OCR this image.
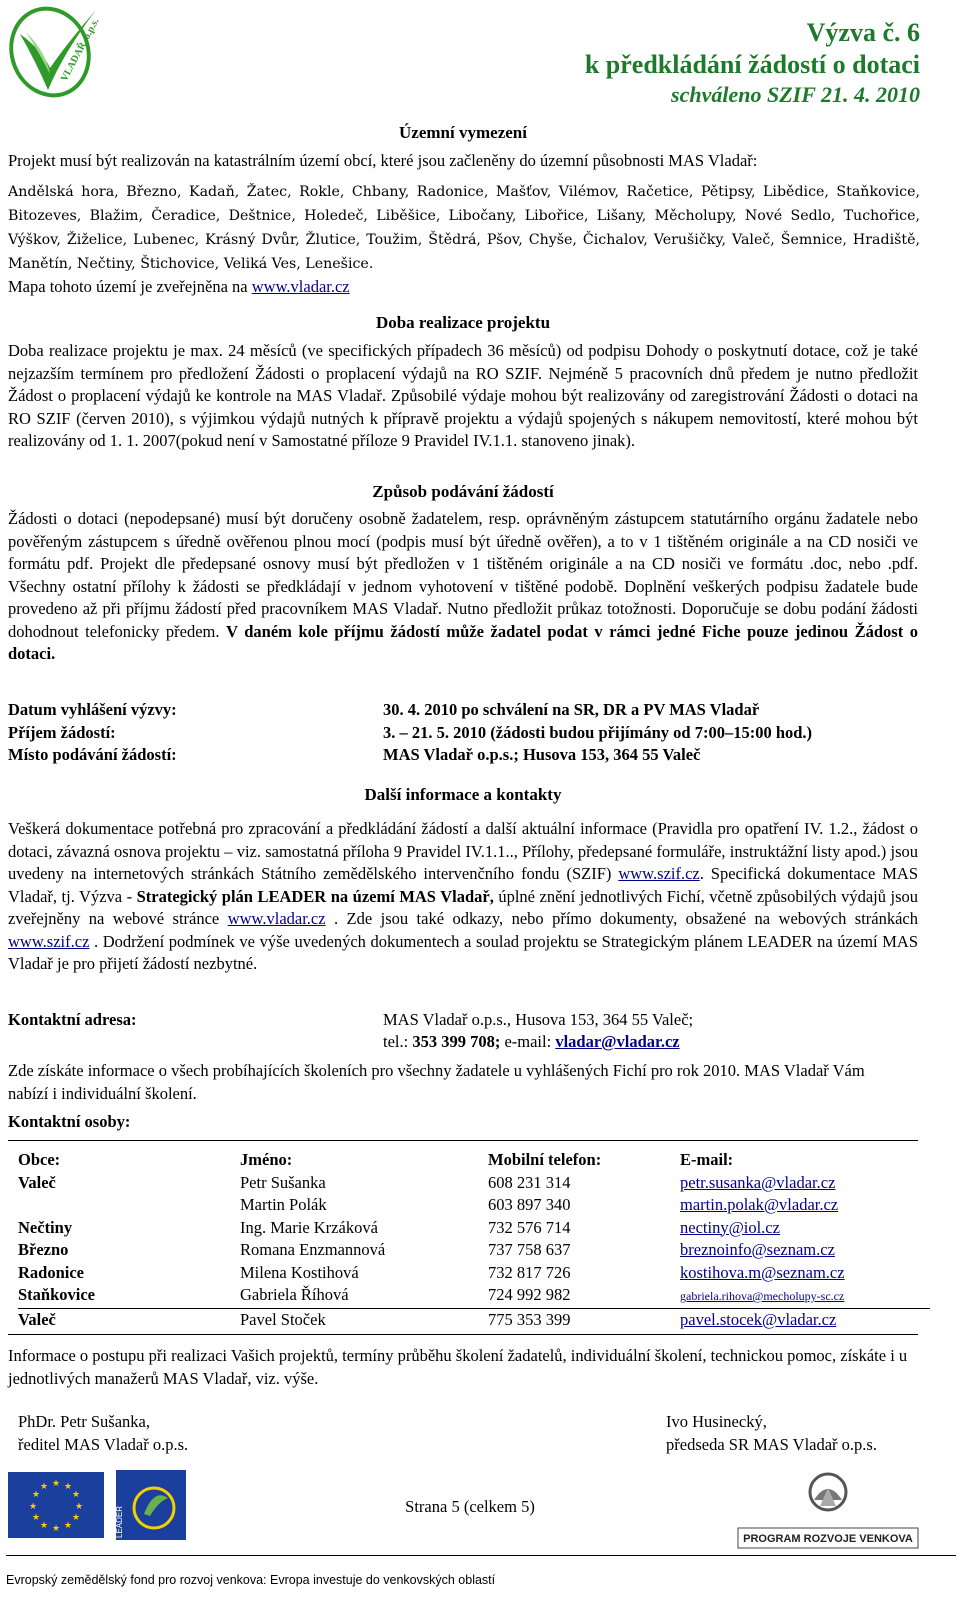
VLADAŘ, o.p.s.	Výzva č. 6
k předkládání žádostí o dotaci
schváleno SZIF 21. 4. 2010
Územní vymezení
Projekt musí být realizován na katastrálním území obcí, které jsou začleněny do územní působnosti MAS Vladař:
Andělská hora, Březno, Kadaň, Žatec, Rokle, Chbany, Radonice, Mašťov, Vilémov, Račetice, Pětipsy, Libědice, Staňkovice, Bitozeves, Blažim, Čeradice, Deštnice, Holedeč, Liběšice, Libočany, Libořice, Lišany, Měcholupy, Nové Sedlo, Tuchořice, Výškov, Žiželice, Lubenec, Krásný Dvůr, Žlutice, Toužim, Štědrá, Pšov, Chyše, Čichalov, Verušičky, Valeč, Šemnice, Hradiště, Manětín, Nečtiny, Štichovice, Veliká Ves, Lenešice.
Mapa tohoto území je zveřejněna na www.vladar.cz
Doba realizace projektu
Doba realizace projektu je max. 24 měsíců (ve specifických případech 36 měsíců) od podpisu Dohody o poskytnutí dotace, což je také nejzazším termínem pro předložení Žádosti o proplacení výdajů na RO SZIF. Nejméně 5 pracovních dnů předem je nutno předložit Žádost o proplacení výdajů ke kontrole na MAS Vladař. Způsobilé výdaje mohou být realizovány od zaregistrování Žádosti o dotaci na RO SZIF (červen 2010), s výjimkou výdajů nutných k přípravě projektu a výdajů spojených s nákupem nemovitostí, které mohou být realizovány od 1. 1. 2007(pokud není v Samostatné příloze 9 Pravidel IV.1.1. stanoveno jinak).
Způsob podávání žádostí
Žádosti o dotaci (nepodepsané) musí být doručeny osobně žadatelem, resp. oprávněným zástupcem statutárního orgánu žadatele nebo pověřeným zástupcem s úředně ověřenou plnou mocí (podpis musí být úředně ověřen), a to v 1 tištěném originále a na CD nosiči ve formátu pdf. Projekt dle předepsané osnovy musí být předložen v 1 tištěném originále a na CD nosiči ve formátu .doc, nebo .pdf. Všechny ostatní přílohy k žádosti se předkládají v jednom vyhotovení v tištěné podobě. Doplnění veškerých podpisu žadatele bude provedeno až při příjmu žádostí před pracovníkem MAS Vladař. Nutno předložit průkaz totožnosti. Doporučuje se dobu podání žádosti dohodnout telefonicky předem. V daném kole příjmu žádostí může žadatel podat v rámci jedné Fiche pouze jedinou Žádost o dotaci.
Datum vyhlášení výzvy:	30. 4. 2010 po schválení na SR, DR a PV MAS Vladař
Příjem žádostí:	3. – 21. 5. 2010 (žádosti budou přijímány od 7:00–15:00 hod.)
Místo podávání žádostí:	MAS Vladař o.p.s.; Husova 153, 364 55 Valeč
Další informace a kontakty
Veškerá dokumentace potřebná pro zpracování a předkládání žádostí a další aktuální informace (Pravidla pro opatření IV. 1.2., žádost o dotaci, závazná osnova projektu – viz. samostatná příloha 9 Pravidel IV.1.1.., Přílohy, předepsané formuláře, instruktážní listy apod.) jsou uvedeny na internetových stránkách Státního zemědělského intervenčního fondu (SZIF) www.szif.cz. Specifická dokumentace MAS Vladař, tj. Výzva - Strategický plán LEADER na území MAS Vladař, úplné znění jednotlivých Fichí, včetně způsobilých výdajů jsou zveřejněny na webové stránce www.vladar.cz . Zde jsou také odkazy, nebo přímo dokumenty, obsažené na webových stránkách www.szif.cz . Dodržení podmínek ve výše uvedených dokumentech a soulad projektu se Strategickým plánem LEADER na území MAS Vladař je pro přijetí žádostí nezbytné.
Kontaktní adresa:	MAS Vladař o.p.s., Husova 153, 364 55 Valeč;
tel.: 353 399 708; e-mail: vladar@vladar.cz
Zde získáte informace o všech probíhajících školeních pro všechny žadatele u vyhlášených Fichí pro rok 2010. MAS Vladař Vám nabízí i individuální školení.
Kontaktní osoby:
Obce:	Jméno:	Mobilní telefon:	E-mail:
Valeč	Petr Sušanka	608 231 314	petr.susanka@vladar.cz
	Martin Polák	603 897 340	martin.polak@vladar.cz
Nečtiny	Ing. Marie Krzáková	732 576 714	nectiny@iol.cz
Březno	Romana Enzmannová	737 758 637	breznoinfo@seznam.cz
Radonice	Milena Kostihová	732 817 726	kostihova.m@seznam.cz
Staňkovice	Gabriela Říhová	724 992 982	gabriela.rihova@mecholupy-sc.cz
Valeč	Pavel Stoček	775 353 399	pavel.stocek@vladar.cz
Informace o postupu při realizaci Vašich projektů, termíny průběhu školení žadatelů, individuální školení, technickou pomoc, získáte i u jednotlivých manažerů MAS Vladař, viz. výše.
PhDr. Petr Sušanka,
ředitel MAS Vladař o.p.s.
Ivo Husinecký,
předseda SR MAS Vladař o.p.s.
★ ★
★
★
★
★
★
★
★
★
★
★
LEADER	Strana 5 (celkem 5)
PROGRAM ROZVOJE VENKOVA
Evropský zemědělský fond pro rozvoj venkova: Evropa investuje do venkovských oblastí
